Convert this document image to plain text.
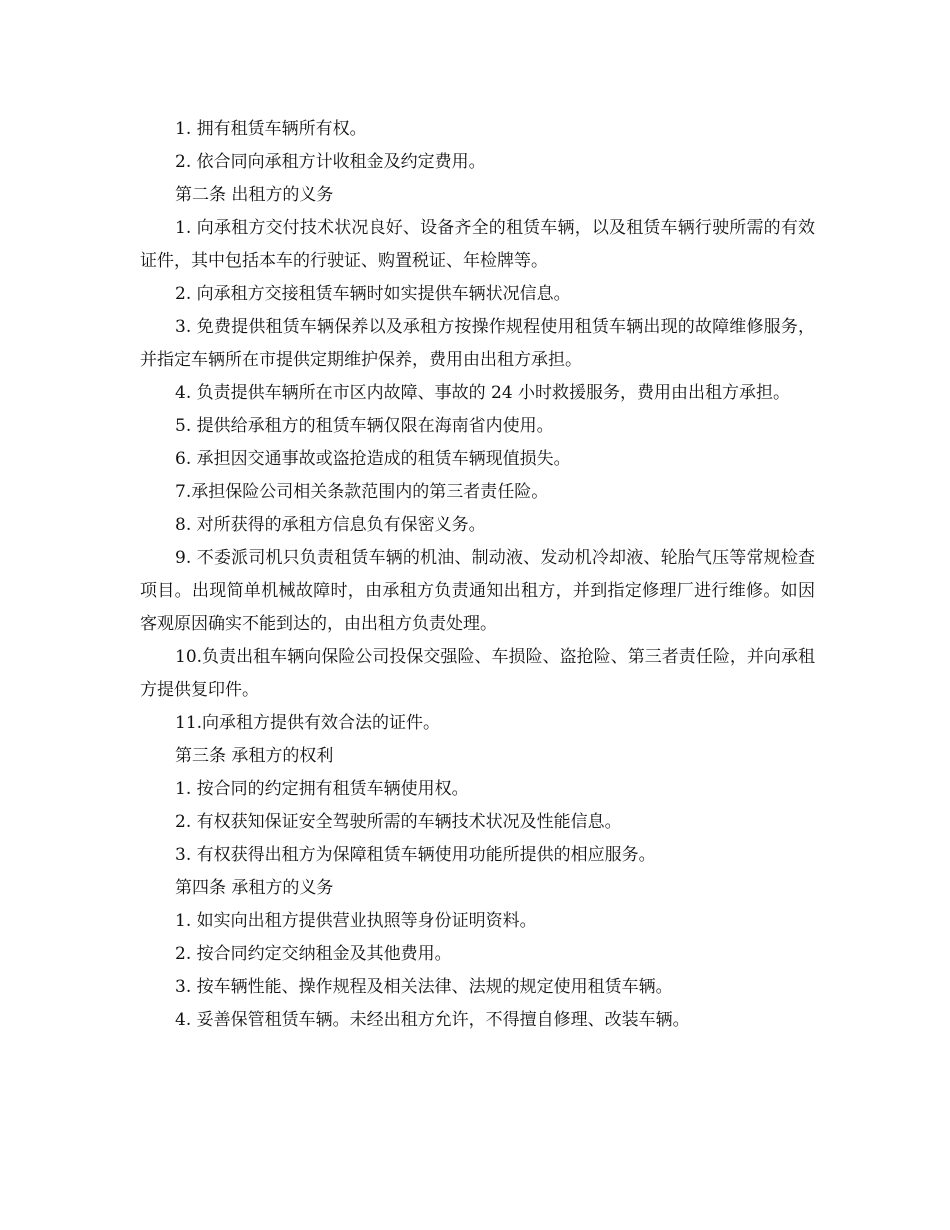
1. 拥有租赁车辆所有权。

2. 依合同向承租方计收租金及约定费用。

第二条 出租方的义务

1. 向承租方交付技术状况良好、设备齐全的租赁车辆，以及租赁车辆行驶所需的有效证件，其中包括本车的行驶证、购置税证、年检牌等。

2. 向承租方交接租赁车辆时如实提供车辆状况信息。

3. 免费提供租赁车辆保养以及承租方按操作规程使用租赁车辆出现的故障维修服务，并指定车辆所在市提供定期维护保养，费用由出租方承担。

4. 负责提供车辆所在市区内故障、事故的 24 小时救援服务，费用由出租方承担。

5. 提供给承租方的租赁车辆仅限在海南省内使用。

6. 承担因交通事故或盗抢造成的租赁车辆现值损失。

7.承担保险公司相关条款范围内的第三者责任险。

8. 对所获得的承租方信息负有保密义务。

9. 不委派司机只负责租赁车辆的机油、制动液、发动机冷却液、轮胎气压等常规检查项目。出现简单机械故障时，由承租方负责通知出租方，并到指定修理厂进行维修。如因客观原因确实不能到达的，由出租方负责处理。

10.负责出租车辆向保险公司投保交强险、车损险、盗抢险、第三者责任险，并向承租方提供复印件。

11.向承租方提供有效合法的证件。

第三条 承租方的权利

1. 按合同的约定拥有租赁车辆使用权。

2. 有权获知保证安全驾驶所需的车辆技术状况及性能信息。

3. 有权获得出租方为保障租赁车辆使用功能所提供的相应服务。

第四条 承租方的义务

1. 如实向出租方提供营业执照等身份证明资料。

2. 按合同约定交纳租金及其他费用。

3. 按车辆性能、操作规程及相关法律、法规的规定使用租赁车辆。

4. 妥善保管租赁车辆。未经出租方允许，不得擅自修理、改装车辆。
